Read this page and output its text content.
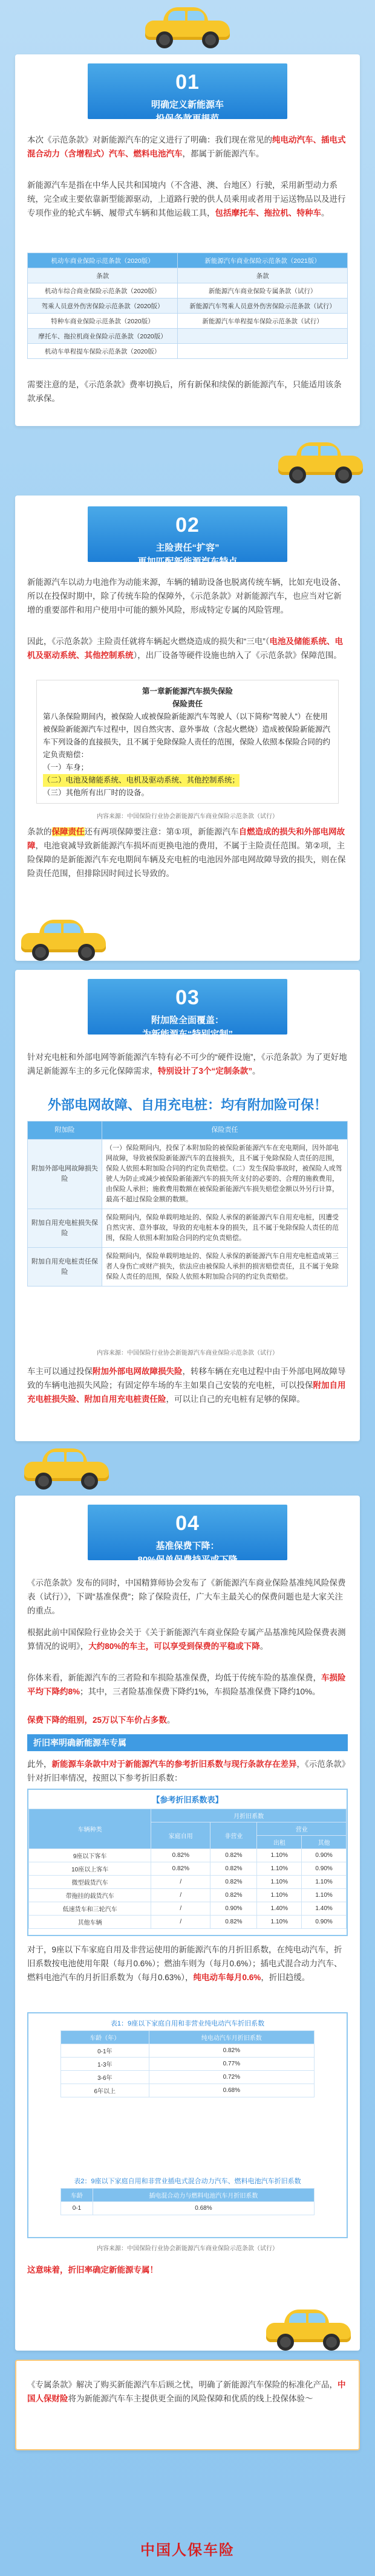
01
明确定义新能源车
投保条款更规范
本次《示范条款》对新能源汽车的定义进行了明确：我们现在常见的纯电动汽车、插电式混合动力（含增程式）汽车、燃料电池汽车，都属于新能源汽车。
新能源汽车是指在中华人民共和国境内（不含港、澳、台地区）行驶，采用新型动力系统，完全或主要依靠新型能源驱动，上道路行驶的供人员乘用或者用于运送物品以及进行专项作业的轮式车辆、履带式车辆和其他运载工具，包括摩托车、拖拉机、特种车。
机动车商业保险示范条款（2020版）	新能源汽车商业保险示范条款（2021版）
条款	条款
机动车综合商业保险示范条款（2020版）	新能源汽车商业保险专属条款（试行）
驾乘人员意外伤害保险示范条款（2020版）	新能源汽车驾乘人员意外伤害保险示范条款（试行）
特种车商业保险示范条款（2020版）	新能源汽车单程提车保险示范条款（试行）
摩托车、拖拉机商业保险示范条款（2020版）	
机动车单程提车保险示范条款（2020版）	
需要注意的是，《示范条款》费率切换后，所有新保和续保的新能源汽车，只能适用该条款承保。
02
主险责任“扩容”
更加匹配新能源汽车特点
新能源汽车以动力电池作为动能来源，车辆的辅助设备也脱离传统车辆，比如充电设备、所以在投保时期中，除了传统车险的保障外，《示范条款》对新能源汽车，也应当对它新增的重要部件和用户使用中可能的额外风险，形成特定专属的风险管理。
因此，《示范条款》主险责任就将车辆起火燃烧造成的损失和“三电”（电池及储能系统、电机及驱动系统、其他控制系统），出厂设备等硬件设施也纳入了《示范条款》保障范围。
第一章新能源汽车损失保险
保险责任
第八条保险期间内，被保险人或被保险新能源汽车驾驶人（以下简称“驾驶人”）在使用被保险新能源汽车过程中，因自然灾害、意外事故（含起火燃烧）造成被保险新能源汽车下列设备的直接损失，且不属于免除保险人责任的范围，保险人依照本保险合同的约定负责赔偿：
（一）车身；
（二）电池及储能系统、电机及驱动系统、其他控制系统；
（三）其他所有出厂时的设备。
内容来源：中国保险行业协会新能源汽车商业保险示范条款（试行）
条款的保障责任还有两项保障要注意：第①项，新能源汽车自燃造成的损失和外部电网故障，电池衰减导致新能源汽车损坏而更换电池的费用，不属于主险责任范围。第②项，主险保障的是新能源汽车充电期间车辆及充电桩的电池因外部电网故障导致的损失，则在保险责任范围，但排除因时间过长导致的。
03
附加险全面覆盖：
为新能源车“特别定制”
针对充电桩和外部电网等新能源汽车特有必不可少的“硬件设施”，《示范条款》为了更好地满足新能源车主的多元化保障需求，特别设计了3个“定制条款”。
外部电网故障、自用充电桩：均有附加险可保！
附加险	保险责任
附加外部电网故障损失险	（一）保险期间内，投保了本附加险的被保险新能源汽车在充电期间，因外部电网故障，导致被保险新能源汽车的直接损失，且不属于免除保险人责任的范围，保险人依照本附加险合同的约定负责赔偿。（二）发生保险事故时，被保险人或驾驶人为防止或减少被保险新能源汽车的损失所支付的必要的、合理的施救费用，由保险人承担；施救费用数额在被保险新能源汽车损失赔偿金额以外另行计算，最高不超过保险金额的数额。
附加自用充电桩损失保险	保险期间内，保险单载明地址的、保险人承保的新能源汽车自用充电桩，因遭受自然灾害、意外事故，导致的充电桩本身的损失，且不属于免除保险人责任的范围，保险人依照本附加险合同的约定负责赔偿。
附加自用充电桩责任保险	保险期间内，保险单载明地址的、保险人承保的新能源汽车自用充电桩造成第三者人身伤亡或财产损失，依法应由被保险人承担的损害赔偿责任，且不属于免除保险人责任的范围，保险人依照本附加险合同的约定负责赔偿。
内容来源：中国保险行业协会新能源汽车商业保险示范条款（试行）
车主可以通过投保附加外部电网故障损失险，转移车辆在充电过程中由于外部电网故障导致的车辆电池损失风险；有固定停车场的车主如果自己安装的充电桩，可以投保附加自用充电桩损失险、附加自用充电桩责任险，可以让自己的充电桩有足够的保障。
04
基准保费下降：
80%保单保费持平或下降
《示范条款》发布的同时，中国精算师协会发布了《新能源汽车商业保险基准纯风险保费表（试行）》，下调“基准保费”；除了保险责任，广大车主最关心的保费问题也是大家关注的重点。
根据此前中国保险行业协会关于《关于新能源汽车商业保险专属产品基准纯风险保费表测算情况的说明》，大约80%的车主，可以享受到保费的平稳或下降。
你体来看，新能源汽车的三者险和车损险基准保费，均低于传统车险的基准保费，车损险平均下降约8%；其中，三者险基准保费下降约1%，车损险基准保费下降约10%。
保费下降的组别，25万以下车价占多数。
折旧率明确新能源车专属
此外，新能源车条款中对于新能源汽车的参考折旧系数与现行条款存在差异，《示范条款》针对折旧率情况，按照以下参考折旧系数：
【参考折旧系数表】
车辆种类	月折旧系数			
	家庭自用	非营业	营业	
			出租	其他
9座以下客车	0.82%	0.82%	1.10%	0.90%
10座以上客车	0.82%	0.82%	1.10%	0.90%
微型载货汽车	/	0.82%	1.10%	1.10%
带拖挂的载货汽车	/	0.82%	1.10%	1.10%
低速货车和三轮汽车	/	0.90%	1.40%	1.40%
其他车辆	/	0.82%	1.10%	0.90%
对于，9座以下车家庭自用及非营运使用的新能源汽车的月折旧系数，在纯电动汽车，折旧系数按电池使用年限（每月0.6%）；燃油车则为（每月0.6%）；插电式混合动力汽车、燃料电池汽车的月折旧系数为（每月0.63%），纯电动车每月0.6%，折旧趋缓。
表1：9座以下家庭自用和非营业纯电动汽车折旧系数
车龄（年）	纯电动汽车月折旧系数
0-1年	0.82%
1-3年	0.77%
3-6年	0.72%
6年以上	0.68%
表2：9座以下家庭自用和非营业插电式混合动力汽车、燃料电池汽车折旧系数
车龄	插电混合动力与燃料电池汽车月折旧系数
0-1	0.68%
内容来源：中国保险行业协会新能源汽车商业保险示范条款（试行）
这意味着，折旧率确定新能源专属！
《专属条款》解决了购买新能源汽车后顾之忧，明确了新能源汽车保险的标准化产品，中国人保财险将为新能源汽车车主提供更全面的风险保障和优质的线上投保体验～
中国人保车险
